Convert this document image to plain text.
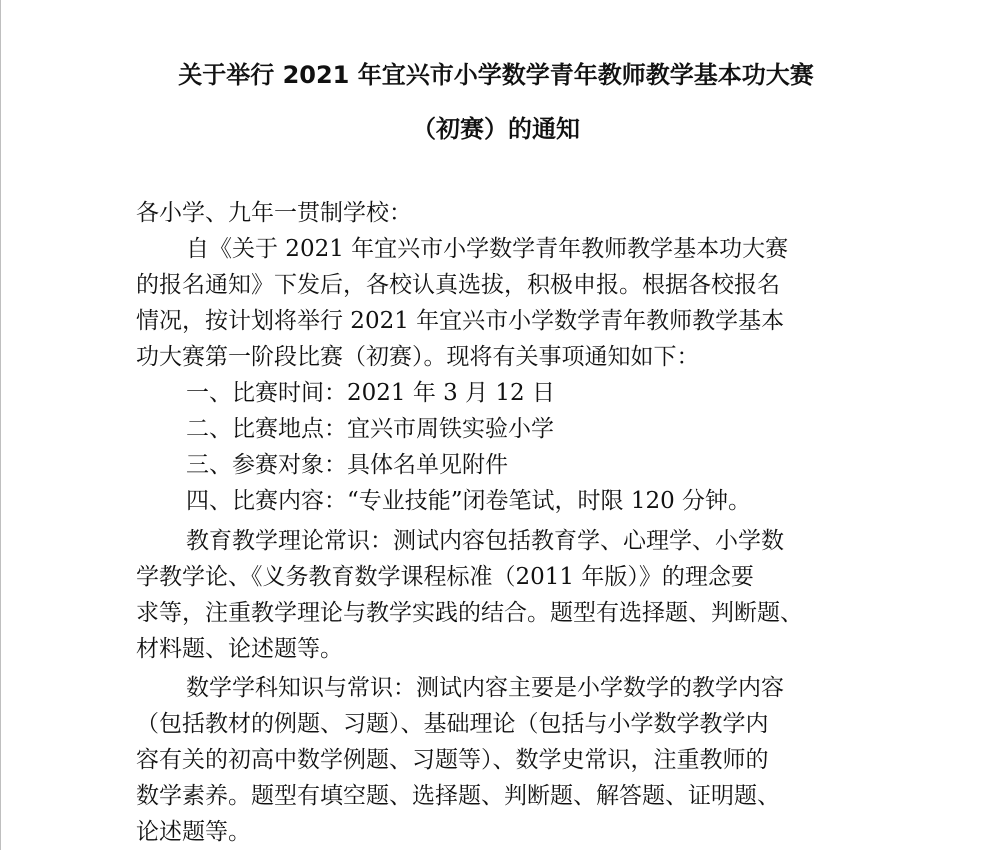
关于举行 2021 年宜兴市小学数学青年教师教学基本功大赛
（初赛）的通知
各小学、九年一贯制学校：
自《关于 2021 年宜兴市小学数学青年教师教学基本功大赛
的报名通知》下发后，各校认真选拔，积极申报。根据各校报名
情况，按计划将举行 2021 年宜兴市小学数学青年教师教学基本
功大赛第一阶段比赛（初赛）。现将有关事项通知如下：
一、比赛时间：2021 年 3 月 12 日
二、比赛地点：宜兴市周铁实验小学
三、参赛对象：具体名单见附件
四、比赛内容：“专业技能”闭卷笔试，时限 120 分钟。
教育教学理论常识：测试内容包括教育学、心理学、小学数
学教学论、《义务教育数学课程标准（2011 年版）》的理念要
求等，注重教学理论与教学实践的结合。题型有选择题、判断题、
材料题、论述题等。
数学学科知识与常识：测试内容主要是小学数学的教学内容
（包括教材的例题、习题）、基础理论（包括与小学数学教学内
容有关的初高中数学例题、习题等）、数学史常识，注重教师的
数学素养。题型有填空题、选择题、判断题、解答题、证明题、
论述题等。
